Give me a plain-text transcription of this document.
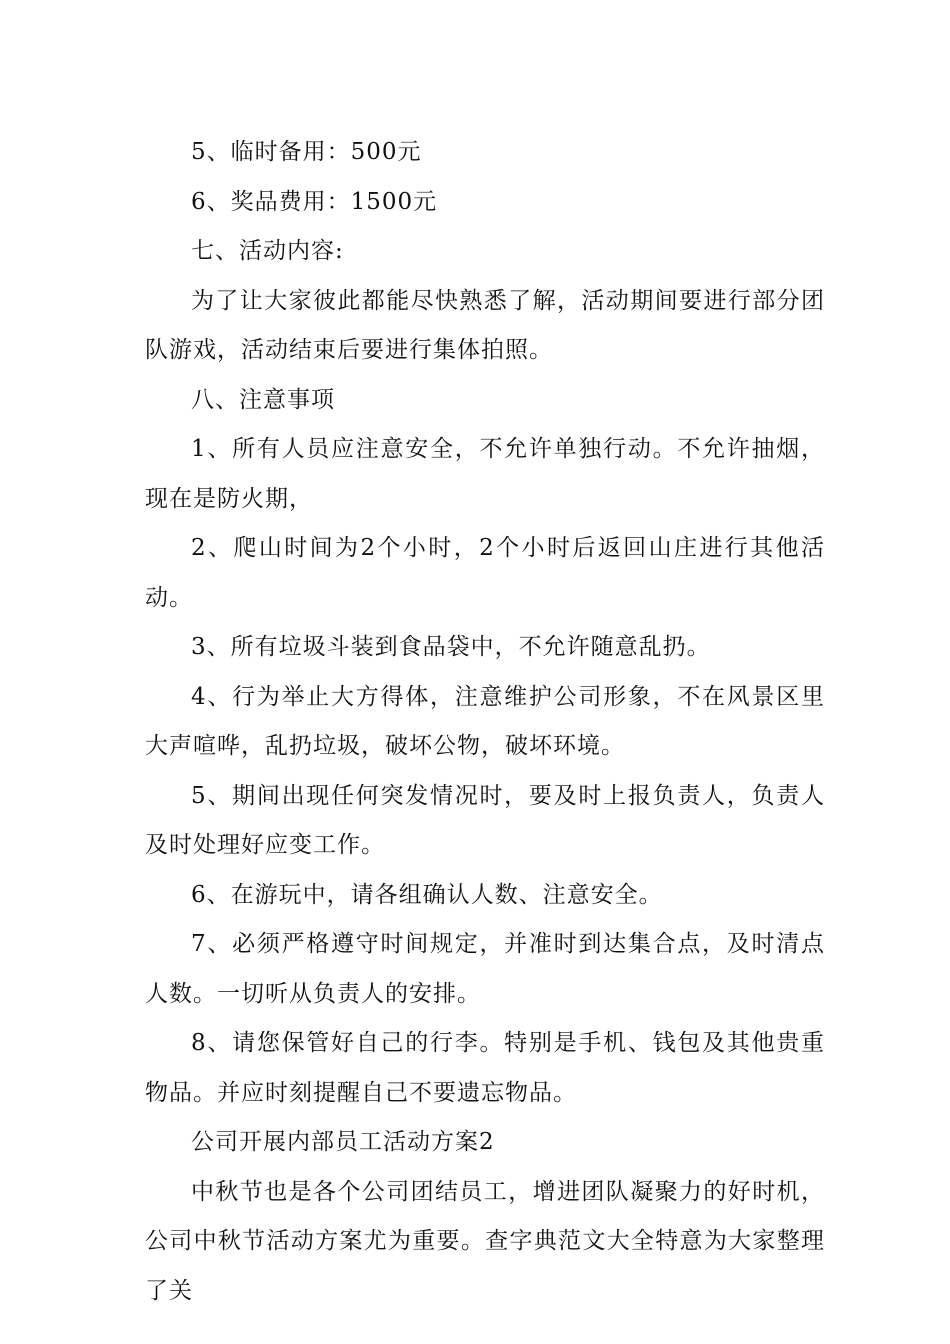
5、临时备用：500元

6、奖品费用：1500元

七、活动内容:

为了让大家彼此都能尽快熟悉了解，活动期间要进行部分团队游戏，活动结束后要进行集体拍照。

八、注意事项

1、所有人员应注意安全，不允许单独行动。不允许抽烟，现在是防火期，

2、爬山时间为2个小时，2个小时后返回山庄进行其他活动。

3、所有垃圾斗装到食品袋中，不允许随意乱扔。

4、行为举止大方得体，注意维护公司形象，不在风景区里大声喧哗，乱扔垃圾，破坏公物，破坏环境。

5、期间出现任何突发情况时，要及时上报负责人，负责人及时处理好应变工作。

6、在游玩中，请各组确认人数、注意安全。

7、必须严格遵守时间规定，并准时到达集合点，及时清点人数。一切听从负责人的安排。

8、请您保管好自己的行李。特别是手机、钱包及其他贵重物品。并应时刻提醒自己不要遗忘物品。

公司开展内部员工活动方案2

中秋节也是各个公司团结员工，增进团队凝聚力的好时机，公司中秋节活动方案尤为重要。查字典范文大全特意为大家整理了关
